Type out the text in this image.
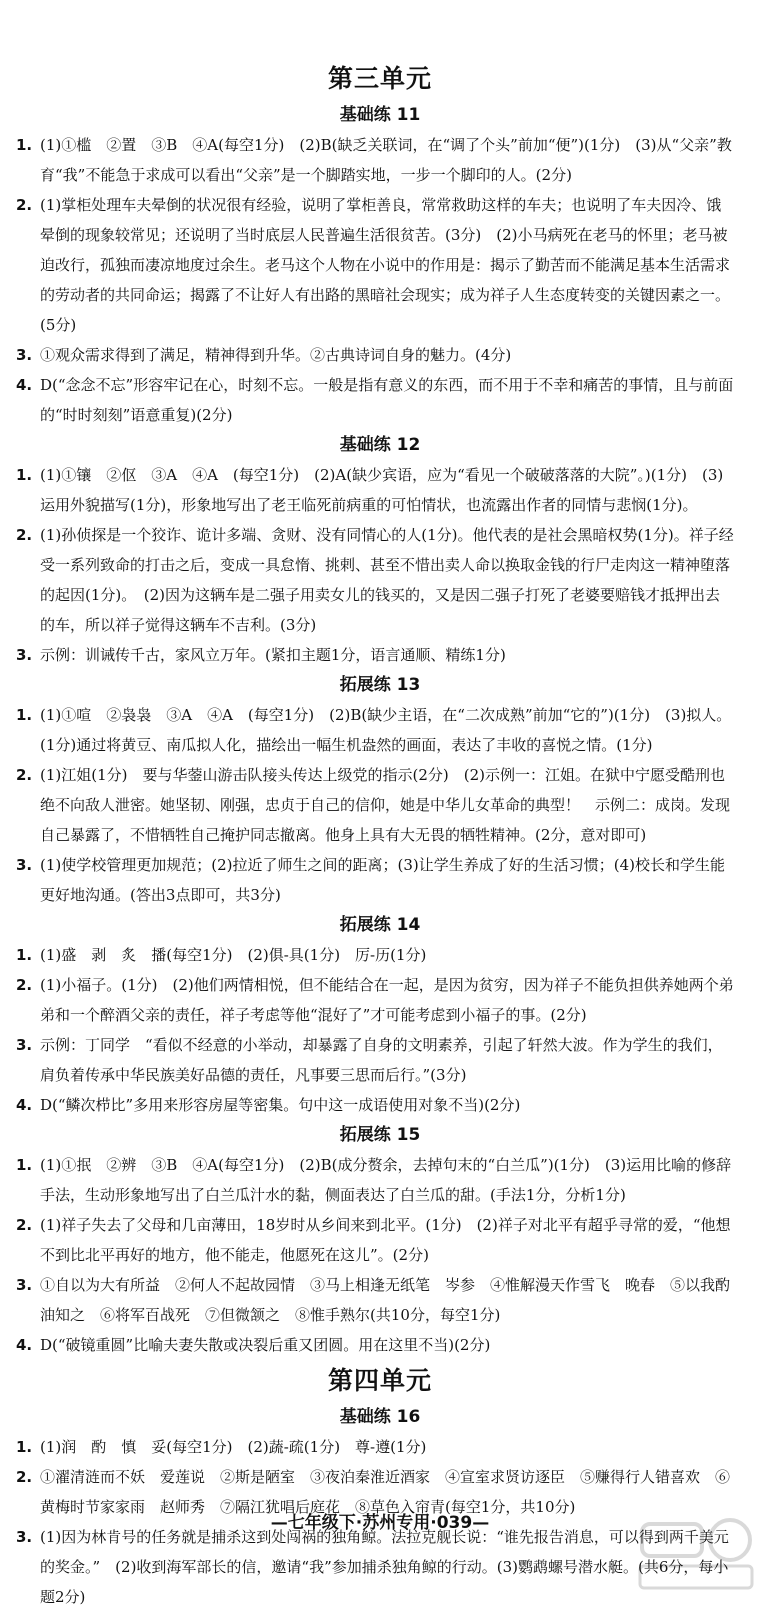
第三单元
基础练 11
1. (1)①槛　②置　③B　④A(每空1分)　(2)B(缺乏关联词，在“调了个头”前加“便”)(1分)　(3)从“父亲”教育“我”不能急于求成可以看出“父亲”是一个脚踏实地，一步一个脚印的人。(2分)
2. (1)掌柜处理车夫晕倒的状况很有经验，说明了掌柜善良，常常救助这样的车夫；也说明了车夫因冷、饿晕倒的现象较常见；还说明了当时底层人民普遍生活很贫苦。(3分)　(2)小马病死在老马的怀里；老马被迫改行，孤独而凄凉地度过余生。老马这个人物在小说中的作用是：揭示了勤苦而不能满足基本生活需求的劳动者的共同命运；揭露了不让好人有出路的黑暗社会现实；成为祥子人生态度转变的关键因素之一。(5分)
3. ①观众需求得到了满足，精神得到升华。②古典诗词自身的魅力。(4分)
4. D(“念念不忘”形容牢记在心，时刻不忘。一般是指有意义的东西，而不用于不幸和痛苦的事情，且与前面的“时时刻刻”语意重复)(2分)
基础练 12
1. (1)①镶　②伛　③A　④A　(每空1分)　(2)A(缺少宾语，应为“看见一个破破落落的大院”。)(1分)　(3)运用外貌描写(1分)，形象地写出了老王临死前病重的可怕情状，也流露出作者的同情与悲悯(1分)。
2. (1)孙侦探是一个狡诈、诡计多端、贪财、没有同情心的人(1分)。他代表的是社会黑暗权势(1分)。祥子经受一系列致命的打击之后，变成一具怠惰、挑剌、甚至不惜出卖人命以换取金钱的行尸走肉这一精神堕落的起因(1分)。　(2)因为这辆车是二强子用卖女儿的钱买的，又是因二强子打死了老婆要赔钱才抵押出去的车，所以祥子觉得这辆车不吉利。(3分)
3. 示例：训诫传千古，家风立万年。(紧扣主题1分，语言通顺、精练1分)
拓展练 13
1. (1)①喧　②袅袅　③A　④A　(每空1分)　(2)B(缺少主语，在“二次成熟”前加“它的”)(1分)　(3)拟人。(1分)通过将黄豆、南瓜拟人化，描绘出一幅生机盎然的画面，表达了丰收的喜悦之情。(1分)
2. (1)江姐(1分)　要与华蓥山游击队接头传达上级党的指示(2分)　(2)示例一：江姐。在狱中宁愿受酷刑也绝不向敌人泄密。她坚韧、刚强，忠贞于自己的信仰，她是中华儿女革命的典型！　示例二：成岗。发现自己暴露了，不惜牺牲自己掩护同志撤离。他身上具有大无畏的牺牲精神。(2分，意对即可)
3. (1)使学校管理更加规范；(2)拉近了师生之间的距离；(3)让学生养成了好的生活习惯；(4)校长和学生能更好地沟通。(答出3点即可，共3分)
拓展练 14
1. (1)盛　剥　炙　播(每空1分)　(2)俱-具(1分)　厉-历(1分)
2. (1)小福子。(1分)　(2)他们两情相悦，但不能结合在一起，是因为贫穷，因为祥子不能负担供养她两个弟弟和一个醉酒父亲的责任，祥子考虑等他“混好了”才可能考虑到小福子的事。(2分)
3. 示例：丁同学　“看似不经意的小举动，却暴露了自身的文明素养，引起了轩然大波。作为学生的我们，肩负着传承中华民族美好品德的责任，凡事要三思而后行。”(3分)
4. D(“鳞次栉比”多用来形容房屋等密集。句中这一成语使用对象不当)(2分)
拓展练 15
1. (1)①抿　②辨　③B　④A(每空1分)　(2)B(成分赘余，去掉句末的“白兰瓜”)(1分)　(3)运用比喻的修辞手法，生动形象地写出了白兰瓜汁水的黏，侧面表达了白兰瓜的甜。(手法1分，分析1分)
2. (1)祥子失去了父母和几亩薄田，18岁时从乡间来到北平。(1分)　(2)祥子对北平有超乎寻常的爱，“他想不到比北平再好的地方，他不能走，他愿死在这儿”。(2分)
3. ①自以为大有所益　②何人不起故园情　③马上相逢无纸笔　岑参　④惟解漫天作雪飞　晚春　⑤以我酌油知之　⑥将军百战死　⑦但微颔之　⑧惟手熟尔(共10分，每空1分)
4. D(“破镜重圆”比喻夫妻失散或决裂后重又团圆。用在这里不当)(2分)
第四单元
基础练 16
1. (1)润　酌　慎　妥(每空1分)　(2)蔬-疏(1分)　尊-遵(1分)
2. ①濯清涟而不妖　爱莲说　②斯是陋室　③夜泊秦淮近酒家　④宣室求贤访逐臣　⑤赚得行人错喜欢　⑥黄梅时节家家雨　赵师秀　⑦隔江犹唱后庭花　⑧草色入帘青(每空1分，共10分)
3. (1)因为林肯号的任务就是捕杀这到处闯祸的独角鲸。法拉克舰长说：“谁先报告消息，可以得到两千美元的奖金。”　(2)收到海军部长的信，邀请“我”参加捕杀独角鲸的行动。(3)鹦鹉螺号潜水艇。(共6分，每小题2分)
—七年级下·苏州专用·039—
